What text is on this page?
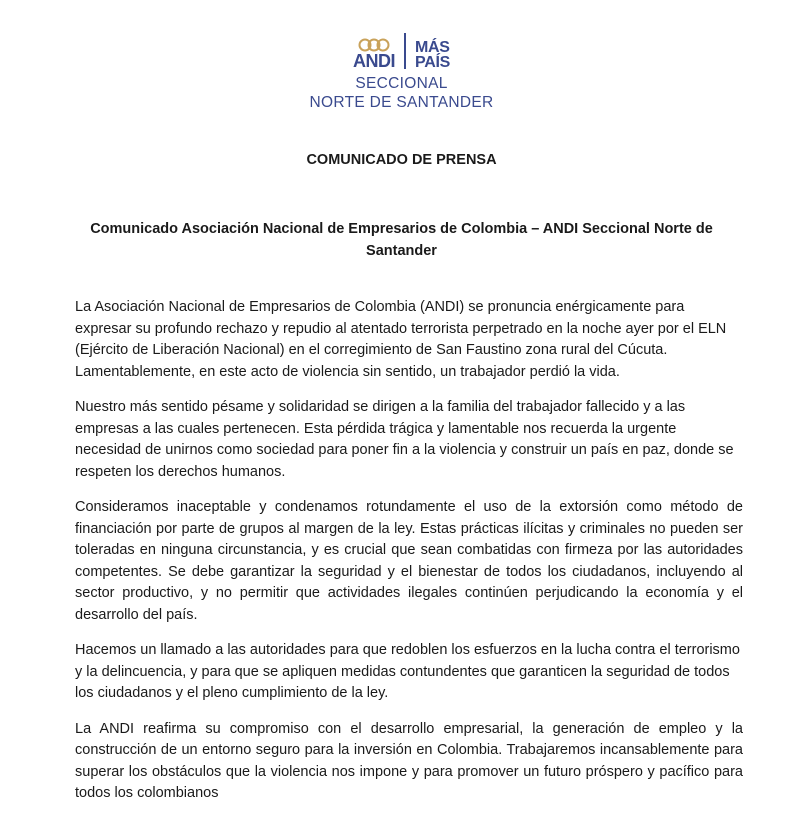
ANDI
MÁS
PAÍS
SECCIONAL
NORTE DE SANTANDER
COMUNICADO DE PRENSA
Comunicado Asociación Nacional de Empresarios de Colombia – ANDI Seccional Norte de Santander

La Asociación Nacional de Empresarios de Colombia (ANDI) se pronuncia enérgicamente para expresar su profundo rechazo y repudio al atentado terrorista perpetrado en la noche ayer por el ELN (Ejército de Liberación Nacional) en el corregimiento de San Faustino zona rural del Cúcuta. Lamentablemente, en este acto de violencia sin sentido, un trabajador perdió la vida.

Nuestro más sentido pésame y solidaridad se dirigen a la familia del trabajador fallecido y a las empresas a las cuales pertenecen. Esta pérdida trágica y lamentable nos recuerda la urgente necesidad de unirnos como sociedad para poner fin a la violencia y construir un país en paz, donde se respeten los derechos humanos.

Consideramos inaceptable y condenamos rotundamente el uso de la extorsión como método de financiación por parte de grupos al margen de la ley. Estas prácticas ilícitas y criminales no pueden ser toleradas en ninguna circunstancia, y es crucial que sean combatidas con firmeza por las autoridades competentes. Se debe garantizar la seguridad y el bienestar de todos los ciudadanos, incluyendo al sector productivo, y no permitir que actividades ilegales continúen perjudicando la economía y el desarrollo del país.

Hacemos un llamado a las autoridades para que redoblen los esfuerzos en la lucha contra el terrorismo y la delincuencia, y para que se apliquen medidas contundentes que garanticen la seguridad de todos los ciudadanos y el pleno cumplimiento de la ley.

La ANDI reafirma su compromiso con el desarrollo empresarial, la generación de empleo y la construcción de un entorno seguro para la inversión en Colombia. Trabajaremos incansablemente para superar los obstáculos que la violencia nos impone y para promover un futuro próspero y pacífico para todos los colombianos
